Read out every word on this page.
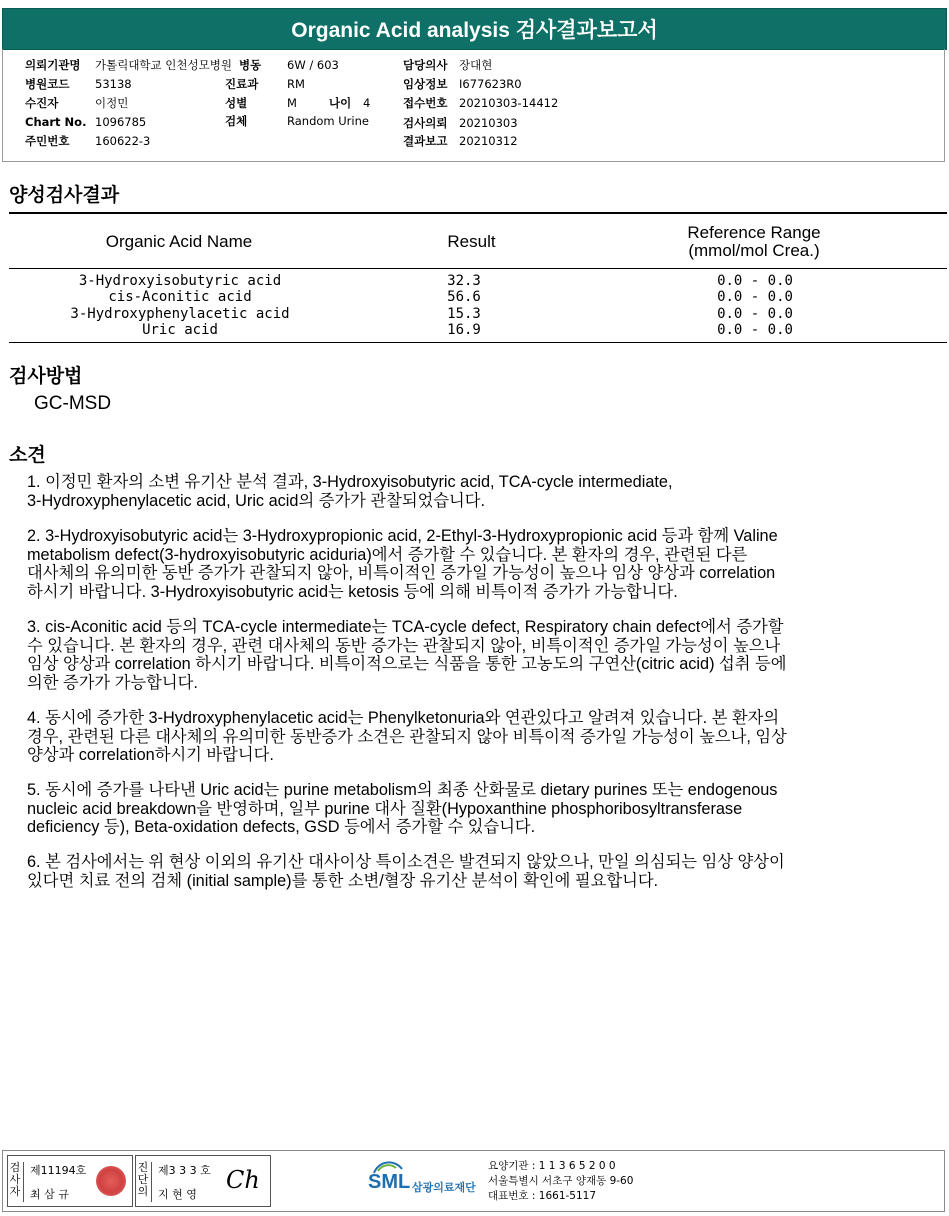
Organic Acid analysis 검사결과보고서
의뢰기관명 가톨릭대학교 인천성모병원
병원코드 53138
수진자	이정민
Chart No. 1096785
주민번호 160622-3
병동 6W / 603
진료과 RM
성별	M	나이 4
검체	Random Urine
담당의사 장대현
임상정보 I677623R0
접수번호 20210303-14412
검사의뢰 20210303
결과보고 20210312
양성검사결과
Organic Acid Name	Result	Reference Range
(mmol/mol Crea.)
3-Hydroxyisobutyric acid	32.3	0.0 - 0.0
cis-Aconitic acid	56.6	0.0 - 0.0
3-Hydroxyphenylacetic acid	15.3	0.0 - 0.0
Uric acid	16.9	0.0 - 0.0
검사방법
GC-MSD
소견
1. 이정민 환자의 소변 유기산 분석 결과, 3-Hydroxyisobutyric acid, TCA-cycle intermediate,
3-Hydroxyphenylacetic acid, Uric acid의 증가가 관찰되었습니다.
2. 3-Hydroxyisobutyric acid는 3-Hydroxypropionic acid, 2-Ethyl-3-Hydroxypropionic acid 등과 함께 Valine
metabolism defect(3-hydroxyisobutyric aciduria)에서 증가할 수 있습니다. 본 환자의 경우, 관련된 다른
대사체의 유의미한 동반 증가가 관찰되지 않아, 비특이적인 증가일 가능성이 높으나 임상 양상과 correlation
하시기 바랍니다. 3-Hydroxyisobutyric acid는 ketosis 등에 의해 비특이적 증가가 가능합니다.
3. cis-Aconitic acid 등의 TCA-cycle intermediate는 TCA-cycle defect, Respiratory chain defect에서 증가할
수 있습니다. 본 환자의 경우, 관련 대사체의 동반 증가는 관찰되지 않아, 비특이적인 증가일 가능성이 높으나
임상 양상과 correlation 하시기 바랍니다. 비특이적으로는 식품을 통한 고농도의 구연산(citric acid) 섭취 등에
의한 증가가 가능합니다.
4. 동시에 증가한 3-Hydroxyphenylacetic acid는 Phenylketonuria와 연관있다고 알려져 있습니다. 본 환자의
경우, 관련된 다른 대사체의 유의미한 동반증가 소견은 관찰되지 않아 비특이적 증가일 가능성이 높으나, 임상
양상과 correlation하시기 바랍니다.
5. 동시에 증가를 나타낸 Uric acid는 purine metabolism의 최종 산화물로 dietary purines 또는 endogenous
nucleic acid breakdown을 반영하며, 일부 purine 대사 질환(Hypoxanthine phosphoribosyltransferase
deficiency 등), Beta-oxidation defects, GSD 등에서 증가할 수 있습니다.
6. 본 검사에서는 위 현상 이외의 유기산 대사이상 특이소견은 발견되지 않았으나, 만일 의심되는 임상 양상이
있다면 치료 전의 검체 (initial sample)를 통한 소변/혈장 유기산 분석이 확인에 필요합니다.
검사자
제11194호
최 삼 규
진단의
제3 3 3 호
지 현 영
Ch	SML 삼광의료재단
요양기관 : 1 1 3 6 5 2 0 0
서울특별시 서초구 양재동 9-60
대표번호 : 1661-5117
